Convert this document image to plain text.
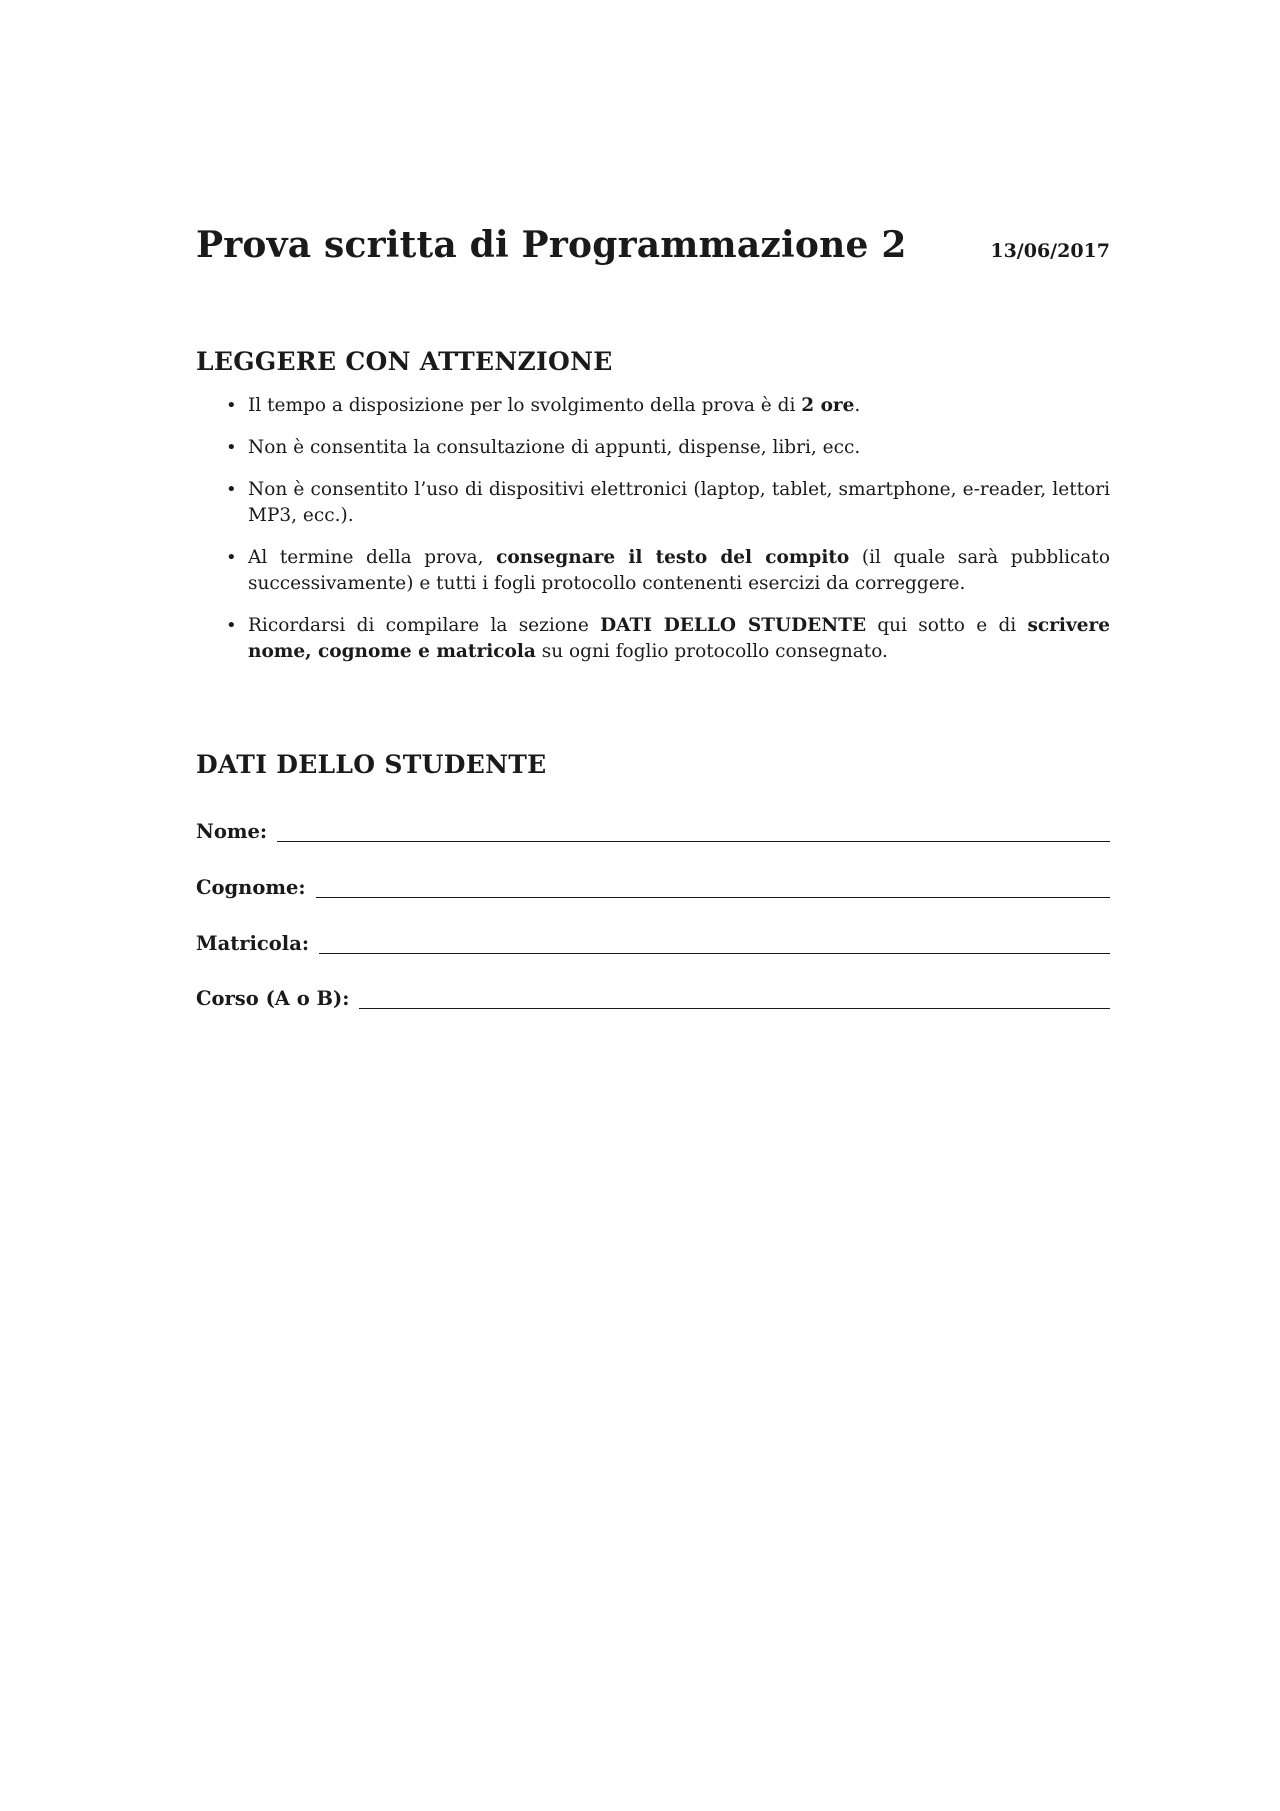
Prova scritta di Programmazione 2	13/06/2017
LEGGERE CON ATTENZIONE
• Il tempo a disposizione per lo svolgimento della prova è di 2 ore.
• Non è consentita la consultazione di appunti, dispense, libri, ecc.
• Non è consentito l’uso di dispositivi elettronici (laptop, tablet, smartphone, e-reader, lettori MP3, ecc.).
• Al termine della prova, consegnare il testo del compito (il quale sarà pubblicato successivamente) e tutti i fogli protocollo contenenti esercizi da correggere.
• Ricordarsi di compilare la sezione DATI DELLO STUDENTE qui sotto e di scrivere nome, cognome e matricola su ogni foglio protocollo consegnato.
DATI DELLO STUDENTE
Nome:
Cognome:
Matricola:
Corso (A o B):
